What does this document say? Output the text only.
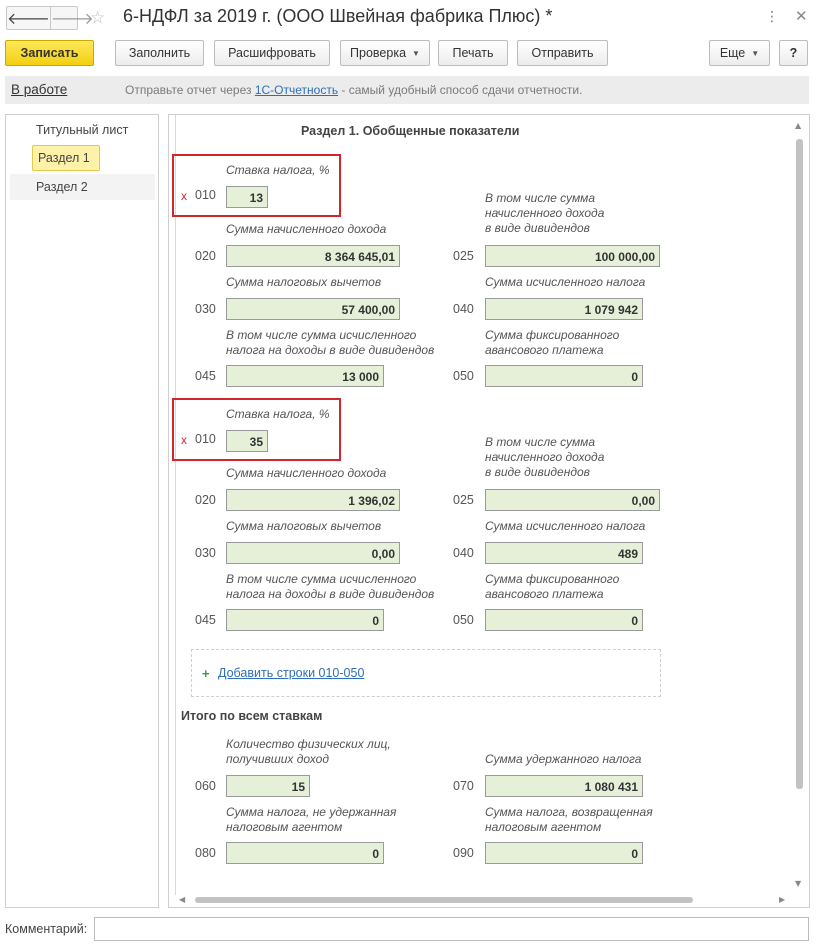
🡐 🡒
☆ 6-НДФЛ за 2019 г. (ООО Швейная фабрика Плюс) *	⋮ ✕
Записать	Заполнить	Расшифровать	Проверка ▼	Печать	Отправить	Еще ▼	?
В работе	Отправьте отчет через 1С-Отчетность - самый удобный способ сдачи отчетности.
Титульный лист
Раздел 1
Раздел 2
Раздел 1. Обобщенные показатели
Ставка налога, %
x 010	13	В том числе сумма
начисленного дохода
в виде дивидендов
Сумма начисленного дохода
020	8 364 645,01	025	100 000,00
Сумма налоговых вычетов	Сумма исчисленного налога
030	57 400,00	040	1 079 942
В том числе сумма исчисленного
налога на доходы в виде дивидендов
Сумма фиксированного
авансового платежа
045	13 000	050	0
Ставка налога, %
x 010	35	В том числе сумма
начисленного дохода
в виде дивидендов
Сумма начисленного дохода
020	1 396,02	025	0,00
Сумма налоговых вычетов	Сумма исчисленного налога
030	0,00	040	489
В том числе сумма исчисленного
налога на доходы в виде дивидендов
Сумма фиксированного
авансового платежа
045	0	050	0
+ Добавить строки 010-050
Итого по всем ставкам
Количество физических лиц,
получивших доход	Сумма удержанного налога
060	15	070	1 080 431
Сумма налога, не удержанная
налоговым агентом
Сумма налога, возвращенная
налоговым агентом
080	0	090	0
▲
▼
◀	▶
Комментарий:
